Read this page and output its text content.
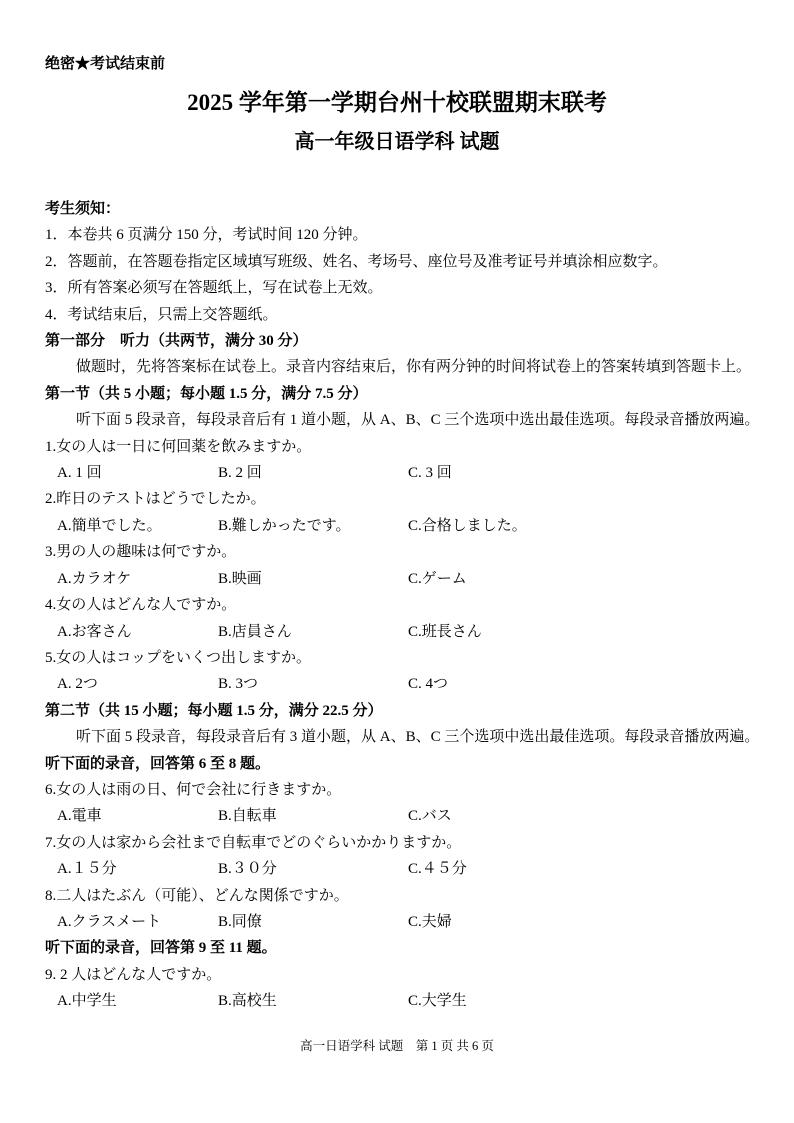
绝密★考试结束前
2025 学年第一学期台州十校联盟期末联考
高一年级日语学科 试题
考生须知：
1．本卷共 6 页满分 150 分，考试时间 120 分钟。
2．答题前，在答题卷指定区域填写班级、姓名、考场号、座位号及准考证号并填涂相应数字。
3．所有答案必须写在答题纸上，写在试卷上无效。
4．考试结束后，只需上交答题纸。
第一部分　听力（共两节，满分 30 分）
做题时，先将答案标在试卷上。录音内容结束后，你有两分钟的时间将试卷上的答案转填到答题卡上。
第一节（共 5 小题；每小题 1.5 分，满分 7.5 分）
听下面 5 段录音，每段录音后有 1 道小题，从 A、B、C 三个选项中选出最佳选项。每段录音播放两遍。
1.女の人は一日に何回薬を飲みますか。
A. 1 回	B. 2 回	C. 3 回
2.昨日のテストはどうでしたか。
A.簡単でした。	B.難しかったです。	C.合格しました。
3.男の人の趣味は何ですか。
A.カラオケ	B.映画	C.ゲーム
4.女の人はどんな人ですか。
A.お客さん	B.店員さん	C.班長さん
5.女の人はコップをいくつ出しますか。
A. 2つ	B. 3つ	C. 4つ
第二节（共 15 小题；每小题 1.5 分，满分 22.5 分）
听下面 5 段录音，每段录音后有 3 道小题，从 A、B、C 三个选项中选出最佳选项。每段录音播放两遍。
听下面的录音，回答第 6 至 8 题。
6.女の人は雨の日、何で会社に行きますか。
A.電車	B.自転車	C.バス
7.女の人は家から会社まで自転車でどのぐらいかかりますか。
A.１５分	B.３０分	C.４５分
8.二人はたぶん（可能）、どんな関係ですか。
A.クラスメート	B.同僚	C.夫婦
听下面的录音，回答第 9 至 11 题。
9. 2 人はどんな人ですか。
A.中学生	B.高校生	C.大学生
高一日语学科 试题　第 1 页 共 6 页
